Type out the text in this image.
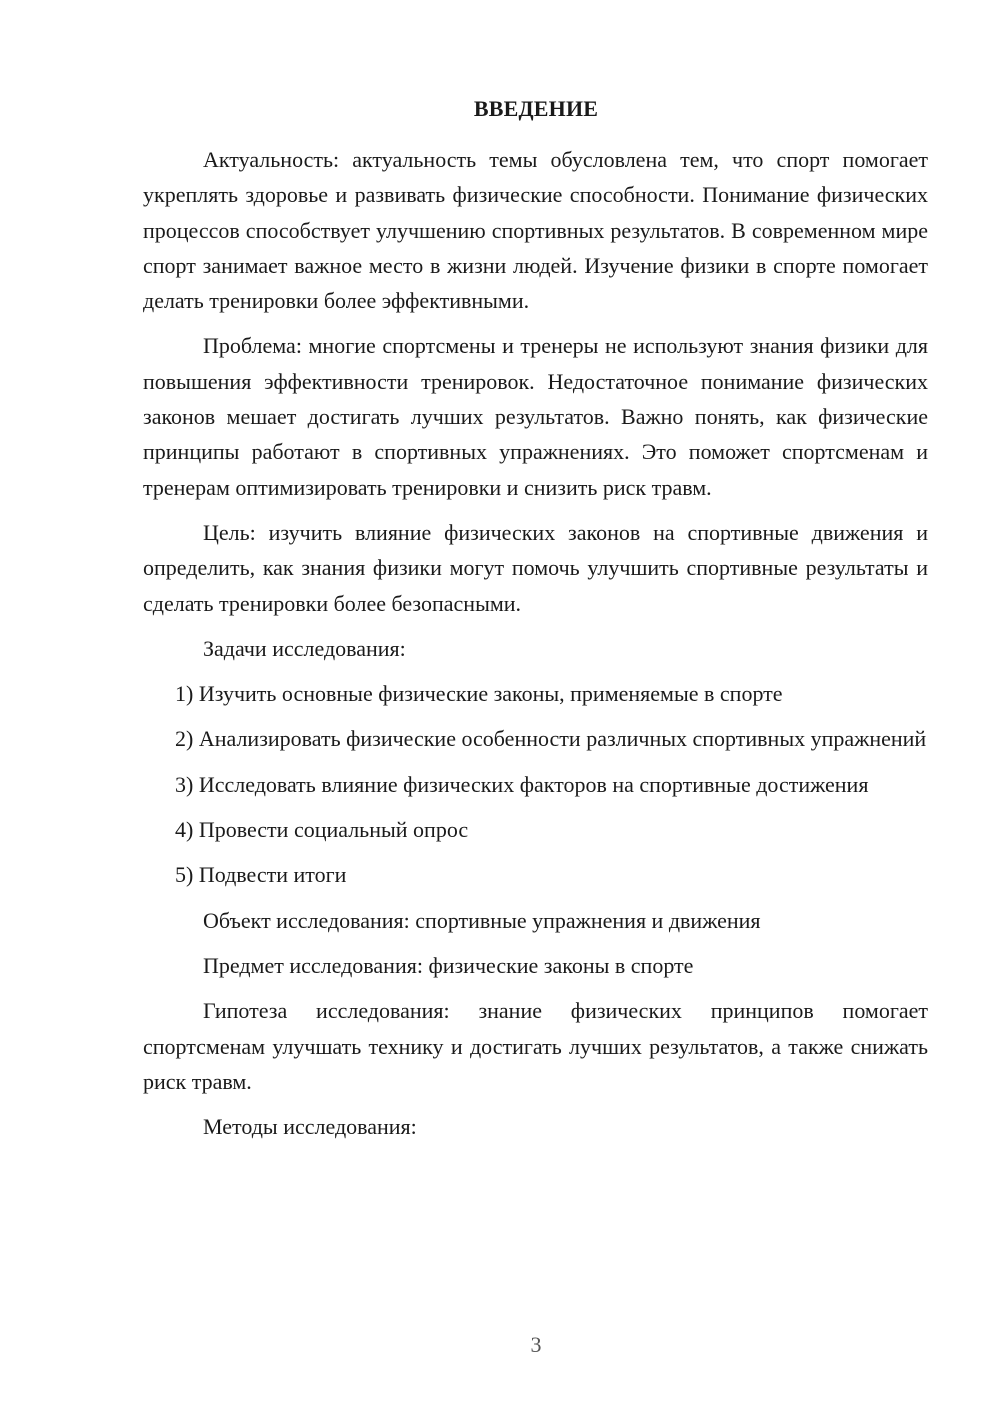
ВВЕДЕНИЕ

Актуальность: актуальность темы обусловлена тем, что спорт помогает укреплять здоровье и развивать физические способности. Понимание физических процессов способствует улучшению спортивных результатов. В современном мире спорт занимает важное место в жизни людей. Изучение физики в спорте помогает делать тренировки более эффективными.

Проблема: многие спортсмены и тренеры не используют знания физики для повышения эффективности тренировок. Недостаточное понимание физических законов мешает достигать лучших результатов. Важно понять, как физические принципы работают в спортивных упражнениях. Это поможет спортсменам и тренерам оптимизировать тренировки и снизить риск травм.

Цель: изучить влияние физических законов на спортивные движения и определить, как знания физики могут помочь улучшить спортивные результаты и сделать тренировки более безопасными.

Задачи исследования:

1) Изучить основные физические законы, применяемые в спорте

2) Анализировать физические особенности различных спортивных упражнений

3) Исследовать влияние физических факторов на спортивные достижения

4) Провести социальный опрос

5) Подвести итоги

Объект исследования: спортивные упражнения и движения

Предмет исследования: физические законы в спорте

Гипотеза исследования: знание физических принципов помогает спортсменам улучшать технику и достигать лучших результатов, а также снижать риск травм.

Методы исследования:

3
